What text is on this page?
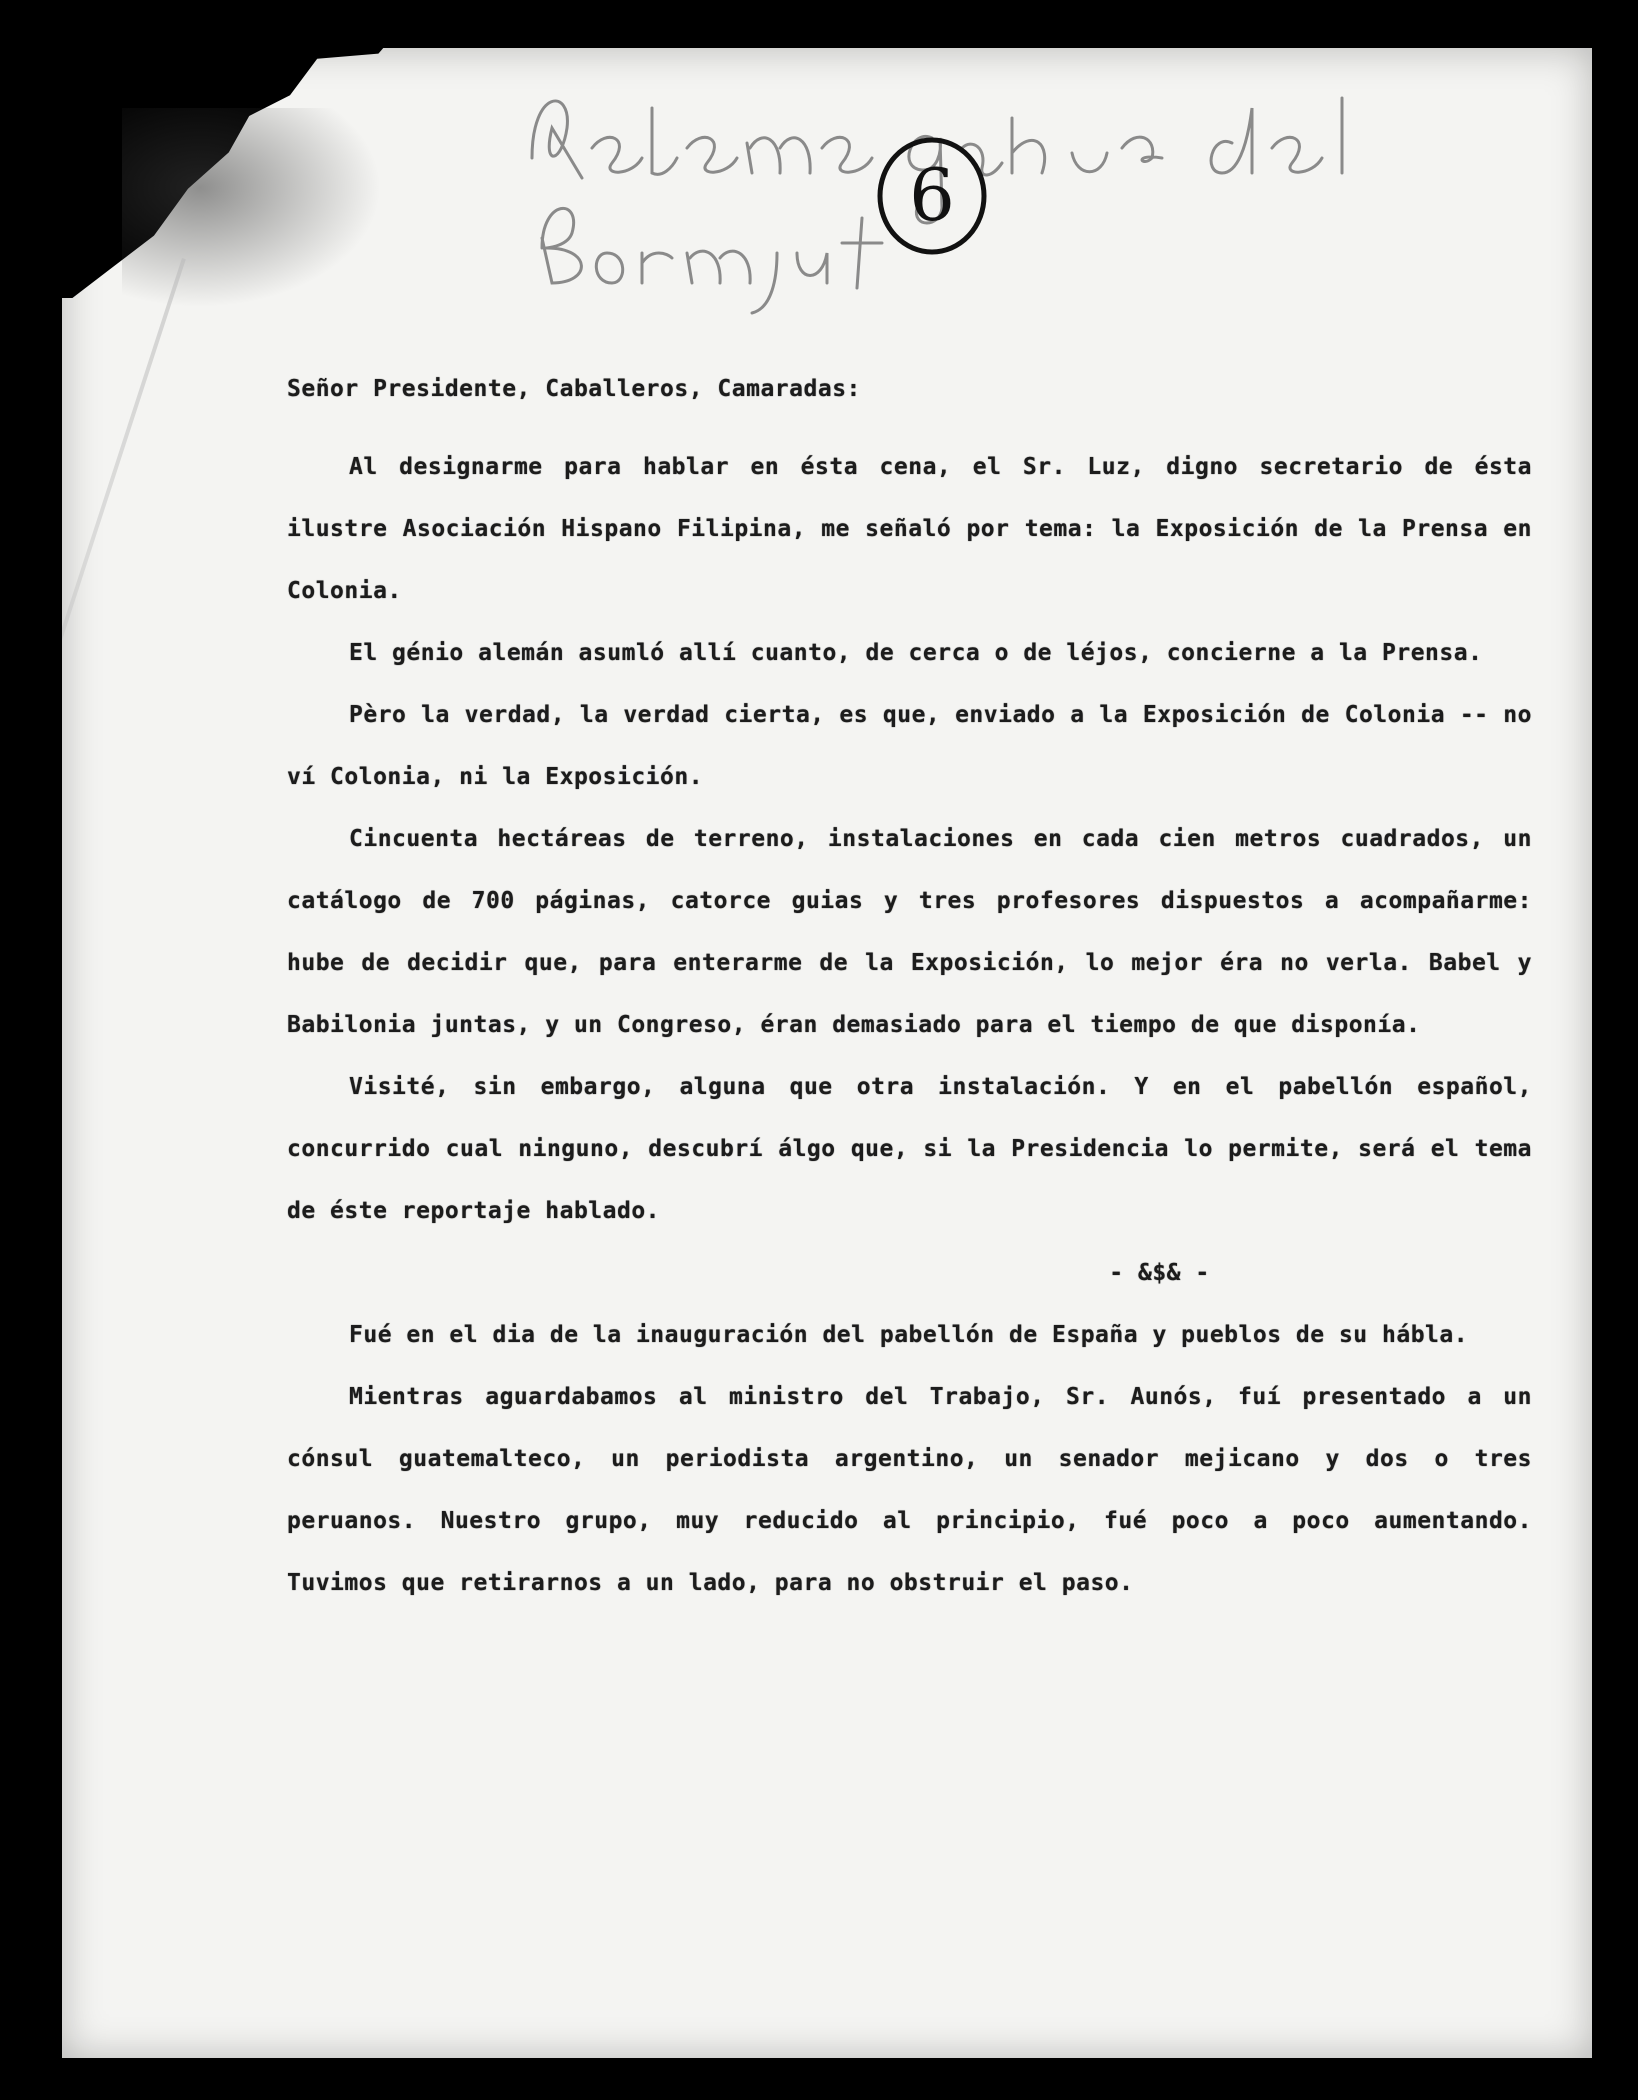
6

Señor Presidente, Caballeros, Camaradas:

Al designarme para hablar en ésta cena, el Sr. Luz, digno secretario de ésta ilustre Asociación Hispano Filipina, me señaló por tema: la Exposición de la Prensa en Colonia.

El génio alemán asumló allí cuanto, de cerca o de léjos, concierne a la Prensa.

Pèro la verdad, la verdad cierta, es que, enviado a la Exposición de Colonia -- no ví Colonia, ni la Exposición.

Cincuenta hectáreas de terreno, instalaciones en cada cien metros cuadrados, un catálogo de 700 páginas, catorce guias y tres profesores dispuestos a acompañarme: hube de decidir que, para enterarme de la Exposición, lo mejor éra no verla. Babel y Babilonia juntas, y un Congreso, éran demasiado para el tiempo de que disponía.

Visité, sin embargo, alguna que otra instalación. Y en el pabellón español, concurrido cual ninguno, descubrí álgo que, si la Presidencia lo permite, será el tema de éste reportaje hablado.

- &$& -

Fué en el dia de la inauguración del pabellón de España y pueblos de su hábla.

Mientras aguardabamos al ministro del Trabajo, Sr. Aunós, fuí presentado a un cónsul guatemalteco, un periodista argentino, un senador mejicano y dos o tres peruanos. Nuestro grupo, muy reducido al principio, fué poco a poco aumentando. Tuvimos que retirarnos a un lado, para no obstruir el paso.
